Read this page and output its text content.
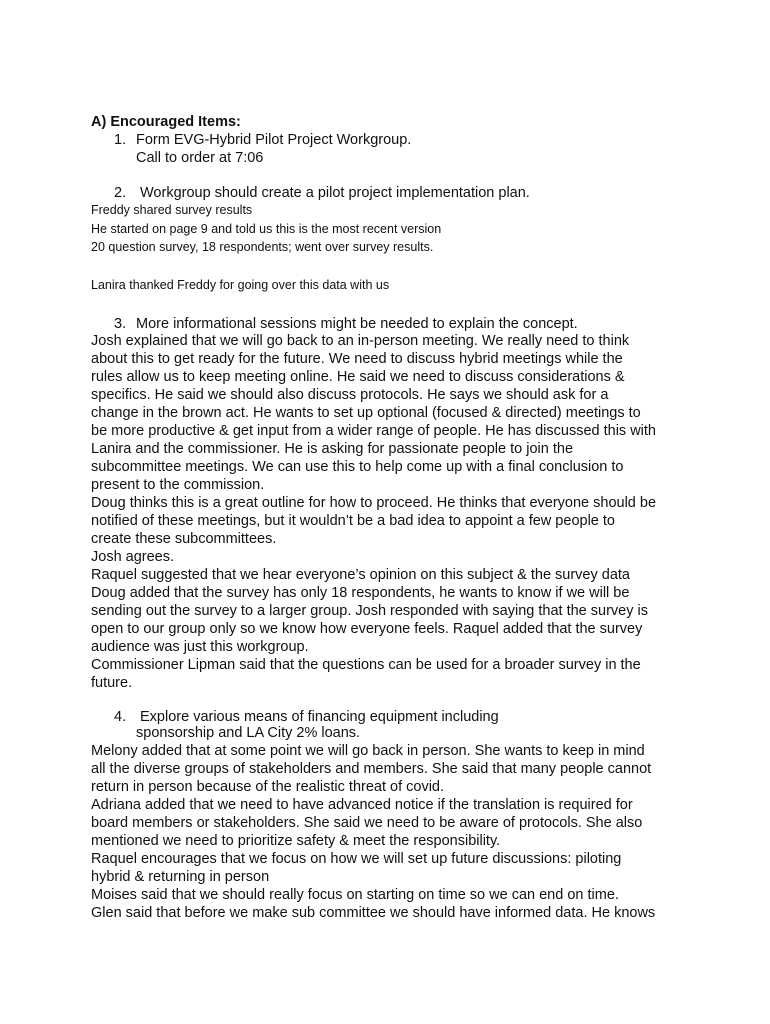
A) Encouraged Items:
1. Form EVG-Hybrid Pilot Project Workgroup.
Call to order at 7:06
2. Workgroup should create a pilot project implementation plan.
Freddy shared survey results
He started on page 9 and told us this is the most recent version
20 question survey, 18 respondents; went over survey results.
Lanira thanked Freddy for going over this data with us
3. More informational sessions might be needed to explain the concept.
Josh explained that we will go back to an in-person meeting. We really need to think
about this to get ready for the future. We need to discuss hybrid meetings while the
rules allow us to keep meeting online. He said we need to discuss considerations &
specifics. He said we should also discuss protocols. He says we should ask for a
change in the brown act. He wants to set up optional (focused & directed) meetings to
be more productive & get input from a wider range of people. He has discussed this with
Lanira and the commissioner. He is asking for passionate people to join the
subcommittee meetings. We can use this to help come up with a final conclusion to
present to the commission.
Doug thinks this is a great outline for how to proceed. He thinks that everyone should be
notified of these meetings, but it wouldn’t be a bad idea to appoint a few people to
create these subcommittees.
Josh agrees.
Raquel suggested that we hear everyone’s opinion on this subject & the survey data
Doug added that the survey has only 18 respondents, he wants to know if we will be
sending out the survey to a larger group. Josh responded with saying that the survey is
open to our group only so we know how everyone feels. Raquel added that the survey
audience was just this workgroup.
Commissioner Lipman said that the questions can be used for a broader survey in the
future.
4. Explore various means of financing equipment including
sponsorship and LA City 2% loans.
Melony added that at some point we will go back in person. She wants to keep in mind
all the diverse groups of stakeholders and members. She said that many people cannot
return in person because of the realistic threat of covid.
Adriana added that we need to have advanced notice if the translation is required for
board members or stakeholders. She said we need to be aware of protocols. She also
mentioned we need to prioritize safety & meet the responsibility.
Raquel encourages that we focus on how we will set up future discussions: piloting
hybrid & returning in person
Moises said that we should really focus on starting on time so we can end on time.
Glen said that before we make sub committee we should have informed data. He knows
